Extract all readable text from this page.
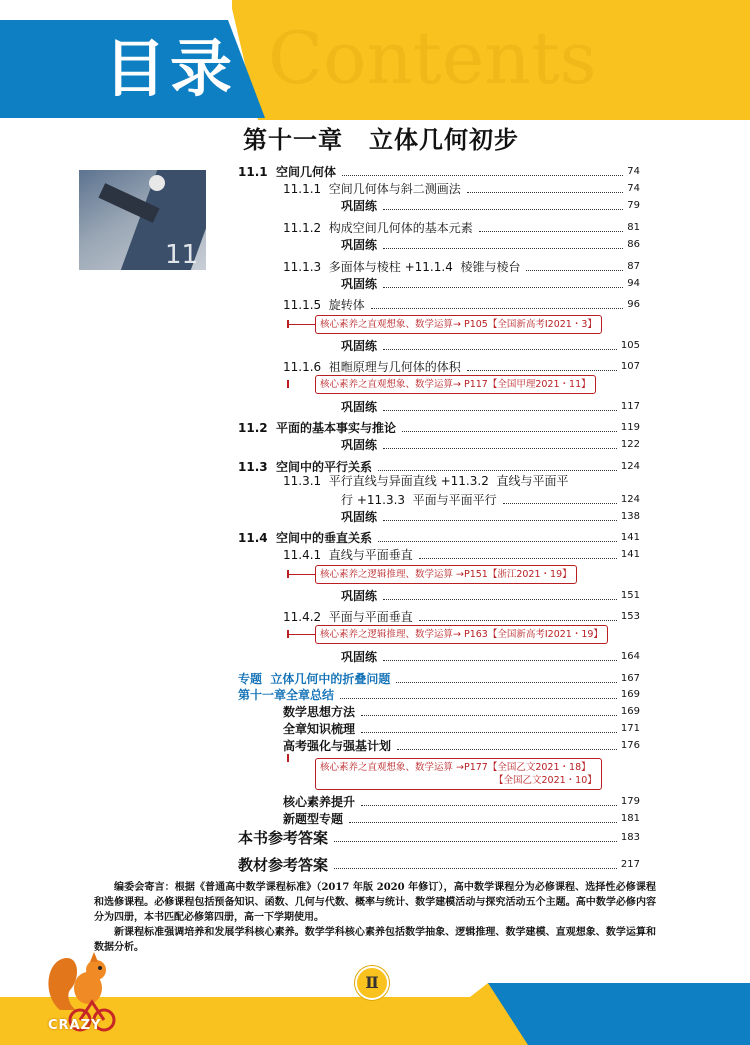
Contents
目录
第十一章 立体几何初步
11
11.1  空间几何体	74
11.1.1  空间几何体与斜二测画法	74
巩固练	79
11.1.2  构成空间几何体的基本元素	81
巩固练	86
11.1.3  多面体与棱柱 +11.1.4  棱锥与棱台	87
巩固练	94
11.1.5  旋转体	96
核心素养之直观想象、数学运算→ P105【全国新高考Ⅰ2021・3】
巩固练	105
11.1.6  祖暅原理与几何体的体积	107
核心素养之直观想象、数学运算→ P117【全国甲理2021・11】
巩固练	117
11.2  平面的基本事实与推论	119
巩固练	122
11.3  空间中的平行关系	124
11.3.1  平行直线与异面直线 +11.3.2  直线与平面平
行 +11.3.3  平面与平面平行	124
巩固练	138
11.4  空间中的垂直关系	141
11.4.1  直线与平面垂直	141
核心素养之逻辑推理、数学运算 →P151【浙江2021・19】
巩固练	151
11.4.2  平面与平面垂直	153
核心素养之逻辑推理、数学运算→ P163【全国新高考Ⅰ2021・19】
巩固练	164
专题  立体几何中的折叠问题	167
第十一章全章总结	169
数学思想方法	169
全章知识梳理	171
高考强化与强基计划	176
核心素养之直观想象、数学运算 →P177【全国乙文2021・18】
【全国乙文2021・10】
核心素养提升	179
新题型专题	181
本书参考答案	183
教材参考答案	217

编委会寄言：根据《普通高中数学课程标准》（2017 年版 2020 年修订），高中数学课程分为必修课程、选择性必修课程和选修课程。必修课程包括预备知识、函数、几何与代数、概率与统计、数学建模活动与探究活动五个主题。高中数学必修内容分为四册，本书匹配必修第四册，高一下学期使用。

新课程标准强调培养和发展学科核心素养。数学学科核心素养包括数学抽象、逻辑推理、数学建模、直观想象、数学运算和数据分析。

Ⅱ
CRAZY
